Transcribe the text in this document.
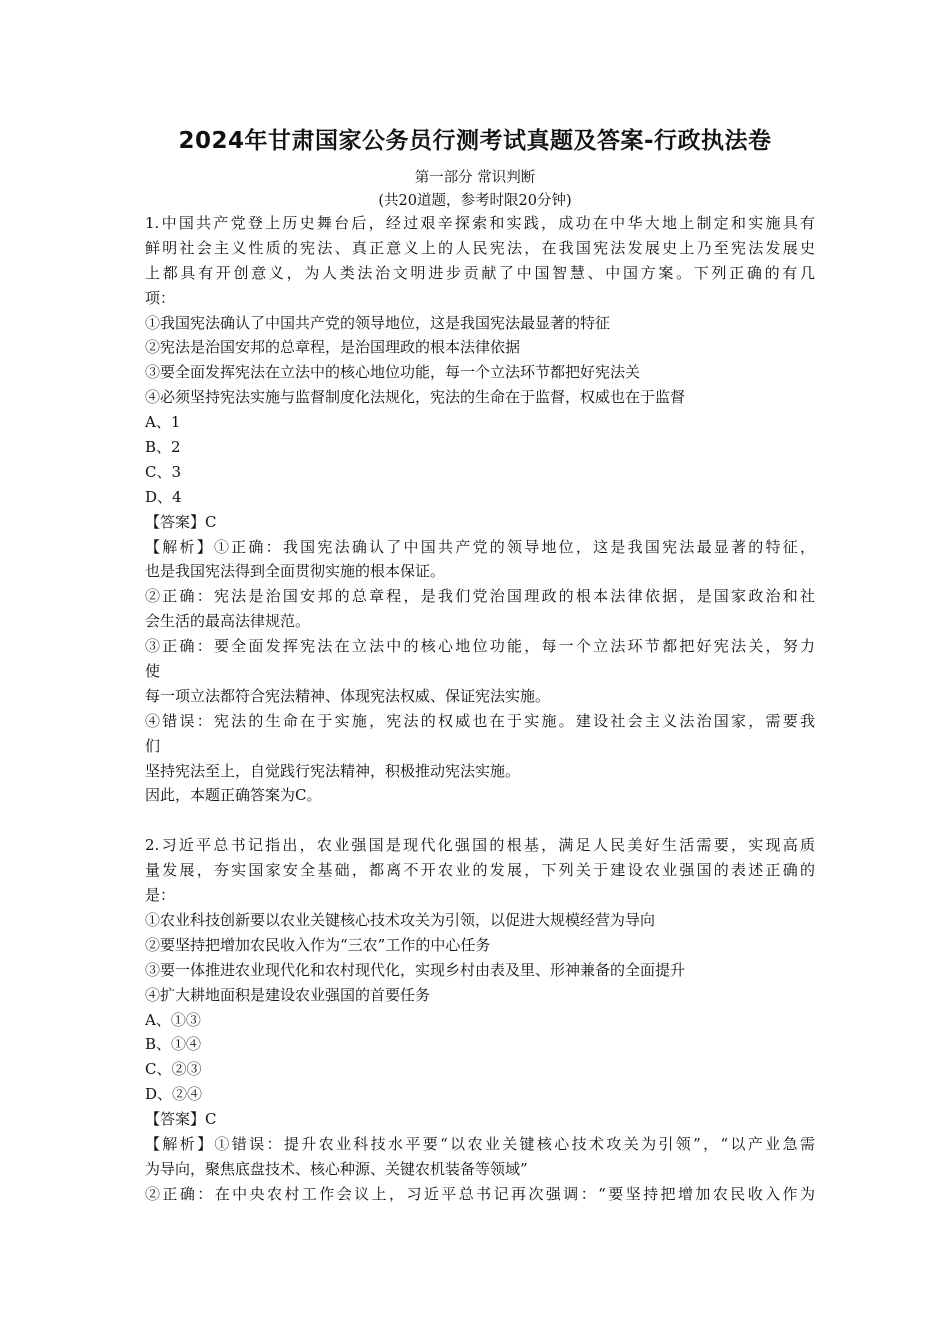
2024年甘肃国家公务员行测考试真题及答案-行政执法卷
第一部分 常识判断
(共20道题，参考时限20分钟)
1.中国共产党登上历史舞台后，经过艰辛探索和实践，成功在中华大地上制定和实施具有
鲜明社会主义性质的宪法、真正意义上的人民宪法，在我国宪法发展史上乃至宪法发展史
上都具有开创意义，为人类法治文明进步贡献了中国智慧、中国方案。下列正确的有几
项：
①我国宪法确认了中国共产党的领导地位，这是我国宪法最显著的特征
②宪法是治国安邦的总章程，是治国理政的根本法律依据
③要全面发挥宪法在立法中的核心地位功能，每一个立法环节都把好宪法关
④必须坚持宪法实施与监督制度化法规化，宪法的生命在于监督，权威也在于监督
A、1
B、2
C、3
D、4
【答案】C
【解析】①正确：我国宪法确认了中国共产党的领导地位，这是我国宪法最显著的特征，
也是我国宪法得到全面贯彻实施的根本保证。
②正确：宪法是治国安邦的总章程，是我们党治国理政的根本法律依据，是国家政治和社
会生活的最高法律规范。
③正确：要全面发挥宪法在立法中的核心地位功能，每一个立法环节都把好宪法关，努力
使
每一项立法都符合宪法精神、体现宪法权威、保证宪法实施。
④错误：宪法的生命在于实施，宪法的权威也在于实施。建设社会主义法治国家，需要我
们
坚持宪法至上，自觉践行宪法精神，积极推动宪法实施。
因此，本题正确答案为C。
2.习近平总书记指出，农业强国是现代化强国的根基，满足人民美好生活需要，实现高质
量发展，夯实国家安全基础，都离不开农业的发展，下列关于建设农业强国的表述正确的
是：
①农业科技创新要以农业关键核心技术攻关为引领，以促进大规模经营为导向
②要坚持把增加农民收入作为“三农”工作的中心任务
③要一体推进农业现代化和农村现代化，实现乡村由表及里、形神兼备的全面提升
④扩大耕地面积是建设农业强国的首要任务
A、①③
B、①④
C、②③
D、②④
【答案】C
【解析】①错误：提升农业科技水平要“以农业关键核心技术攻关为引领”，“以产业急需
为导向，聚焦底盘技术、核心种源、关键农机装备等领域”
②正确：在中央农村工作会议上，习近平总书记再次强调：“要坚持把增加农民收入作为
